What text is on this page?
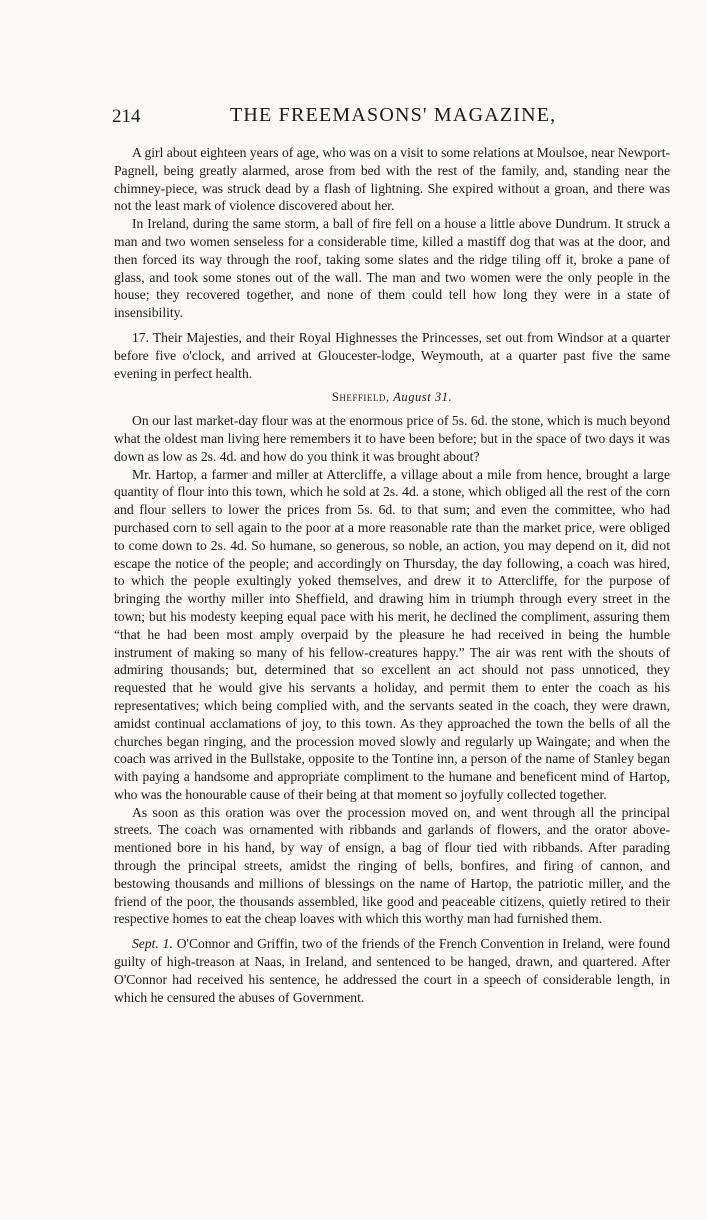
214	THE FREEMASONS' MAGAZINE,

A girl about eighteen years of age, who was on a visit to some relations at Moulsoe, near Newport-Pagnell, being greatly alarmed, arose from bed with the rest of the family, and, standing near the chimney-piece, was struck dead by a flash of lightning. She expired without a groan, and there was not the least mark of violence discovered about her.

In Ireland, during the same storm, a ball of fire fell on a house a little above Dundrum. It struck a man and two women senseless for a considerable time, killed a mastiff dog that was at the door, and then forced its way through the roof, taking some slates and the ridge tiling off it, broke a pane of glass, and took some stones out of the wall. The man and two women were the only people in the house; they recovered together, and none of them could tell how long they were in a state of insensibility.

17. Their Majesties, and their Royal Highnesses the Princesses, set out from Windsor at a quarter before five o'clock, and arrived at Gloucester-lodge, Weymouth, at a quarter past five the same evening in perfect health.

Sheffield, August 31.

On our last market-day flour was at the enormous price of 5s. 6d. the stone, which is much beyond what the oldest man living here remembers it to have been before; but in the space of two days it was down as low as 2s. 4d. and how do you think it was brought about?

Mr. Hartop, a farmer and miller at Attercliffe, a village about a mile from hence, brought a large quantity of flour into this town, which he sold at 2s. 4d. a stone, which obliged all the rest of the corn and flour sellers to lower the prices from 5s. 6d. to that sum; and even the committee, who had purchased corn to sell again to the poor at a more reasonable rate than the market price, were obliged to come down to 2s. 4d. So humane, so generous, so noble, an action, you may depend on it, did not escape the notice of the people; and accordingly on Thursday, the day following, a coach was hired, to which the people exultingly yoked themselves, and drew it to Attercliffe, for the purpose of bringing the worthy miller into Sheffield, and drawing him in triumph through every street in the town; but his modesty keeping equal pace with his merit, he declined the compliment, assuring them “that he had been most amply overpaid by the pleasure he had received in being the humble instrument of making so many of his fellow-creatures happy.” The air was rent with the shouts of admiring thousands; but, determined that so excellent an act should not pass unnoticed, they requested that he would give his servants a holiday, and permit them to enter the coach as his representatives; which being complied with, and the servants seated in the coach, they were drawn, amidst continual acclamations of joy, to this town. As they approached the town the bells of all the churches began ringing, and the procession moved slowly and regularly up Waingate; and when the coach was arrived in the Bullstake, opposite to the Tontine inn, a person of the name of Stanley began with paying a handsome and appropriate compliment to the humane and beneficent mind of Hartop, who was the honourable cause of their being at that moment so joyfully collected together.

As soon as this oration was over the procession moved on, and went through all the principal streets. The coach was ornamented with ribbands and garlands of flowers, and the orator above-mentioned bore in his hand, by way of ensign, a bag of flour tied with ribbands. After parading through the principal streets, amidst the ringing of bells, bonfires, and firing of cannon, and bestowing thousands and millions of blessings on the name of Hartop, the patriotic miller, and the friend of the poor, the thousands assembled, like good and peaceable citizens, quietly retired to their respective homes to eat the cheap loaves with which this worthy man had furnished them.

Sept. 1. O'Connor and Griffin, two of the friends of the French Convention in Ireland, were found guilty of high-treason at Naas, in Ireland, and sentenced to be hanged, drawn, and quartered. After O'Connor had received his sentence, he addressed the court in a speech of considerable length, in which he censured the abuses of Government.
